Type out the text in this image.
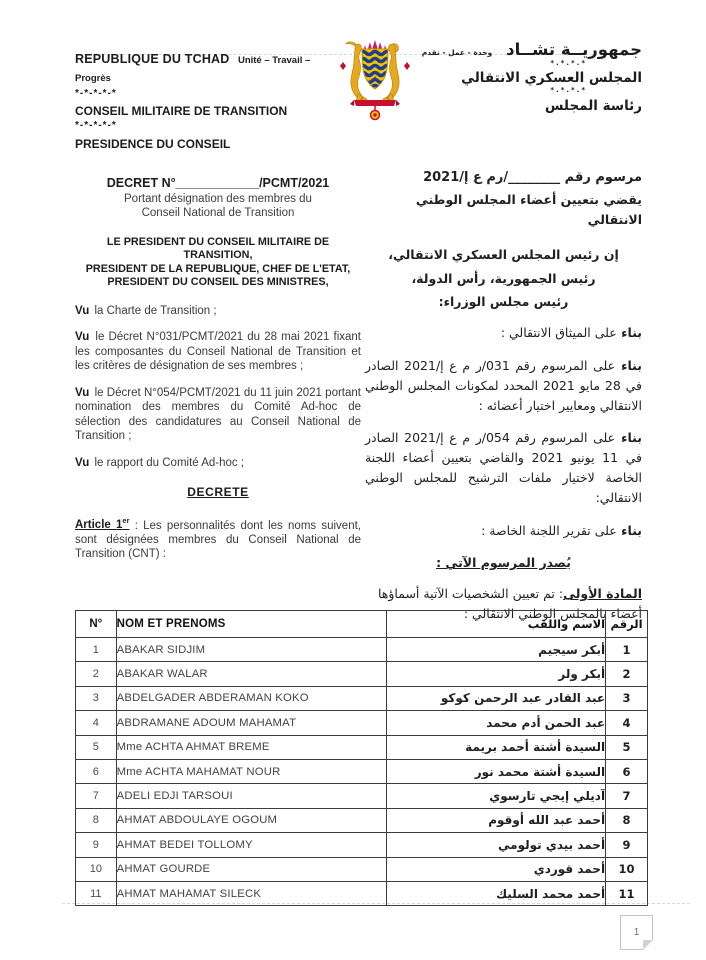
REPUBLIQUE DU TCHAD Unité – Travail – Progrès
*-*-*-*-*
CONSEIL MILITAIRE DE TRANSITION
*-*-*-*-*
PRESIDENCE DU CONSEIL
جمهوريــة تشــاد
وحدة - عمل - تقدم
*.*.*.*
المجلس العسكري الانتقالي
*.*.*.*
رئاسة المجلس
DECRET N°____________/PCMT/2021
Portant désignation des membres du
Conseil National de Transition
LE PRESIDENT DU CONSEIL MILITAIRE DE TRANSITION,
PRESIDENT DE LA REPUBLIQUE, CHEF DE L'ETAT,
PRESIDENT DU CONSEIL DES MINISTRES,

Vu la Charte de Transition ;

Vu le Décret N°031/PCMT/2021 du 28 mai 2021 fixant les composantes du Conseil National de Transition et les critères de désignation de ses membres ;

Vu le Décret N°054/PCMT/2021 du 11 juin 2021 portant nomination des membres du Comité Ad-hoc de sélection des candidatures au Conseil National de Transition ;

Vu le rapport du Comité Ad-hoc ;

DECRETE

Article 1er : Les personnalités dont les noms suivent, sont désignées membres du Conseil National de Transition (CNT) :

مرسوم رقم ________/رم ع إ/2021
يقضي بتعيين أعضاء المجلس الوطني الانتقالي
إن رئيس المجلس العسكري الانتقالي،
رئيس الجمهورية، رأس الدولة،
رئيس مجلس الوزراء:

بناء على الميثاق الانتقالي :

بناء على المرسوم رقم 031/ر م ع إ/2021 الصادر في 28 مايو 2021 المحدد لمكونات المجلس الوطني الانتقالي ومعايير اختيار أعضائه :

بناء على المرسوم رقم 054/ر م ع إ/2021 الصادر في 11 يونيو 2021 والقاضي بتعيين أعضاء اللجنة الخاصة لاختيار ملفات الترشيح للمجلس الوطني الانتقالي:

بناء على تقرير اللجنة الخاصة :

يُصدر المرسوم الآتي :

المادة الأولى: تم تعيين الشخصيات الآتية أسماؤها أعضاء بالمجلس الوطني الانتقالي :

N°	NOM ET PRENOMS	الاسم واللقب	الرقم
1	ABAKAR SIDJIM	أبكر سيجيم	1
2	ABAKAR WALAR	أبكر ولر	2
3	ABDELGADER ABDERAMAN KOKO	عبد القادر عبد الرحمن كوكو	3
4	ABDRAMANE ADOUM MAHAMAT	عبد الحمن أدم محمد	4
5	Mme ACHTA AHMAT BREME	السيدة أشتة أحمد بريمة	5
6	Mme ACHTA MAHAMAT NOUR	السيدة أشتة محمد نور	6
7	ADELI EDJI TARSOUI	آديلي إيجي تارسوي	7
8	AHMAT ABDOULAYE OGOUM	أحمد عبد الله أوقوم	8
9	AHMAT BEDEI TOLLOMY	أحمد بيدي تولومي	9
10	AHMAT GOURDE	أحمد قوردي	10
11	AHMAT MAHAMAT SILECK	أحمد محمد السليك	11
1
